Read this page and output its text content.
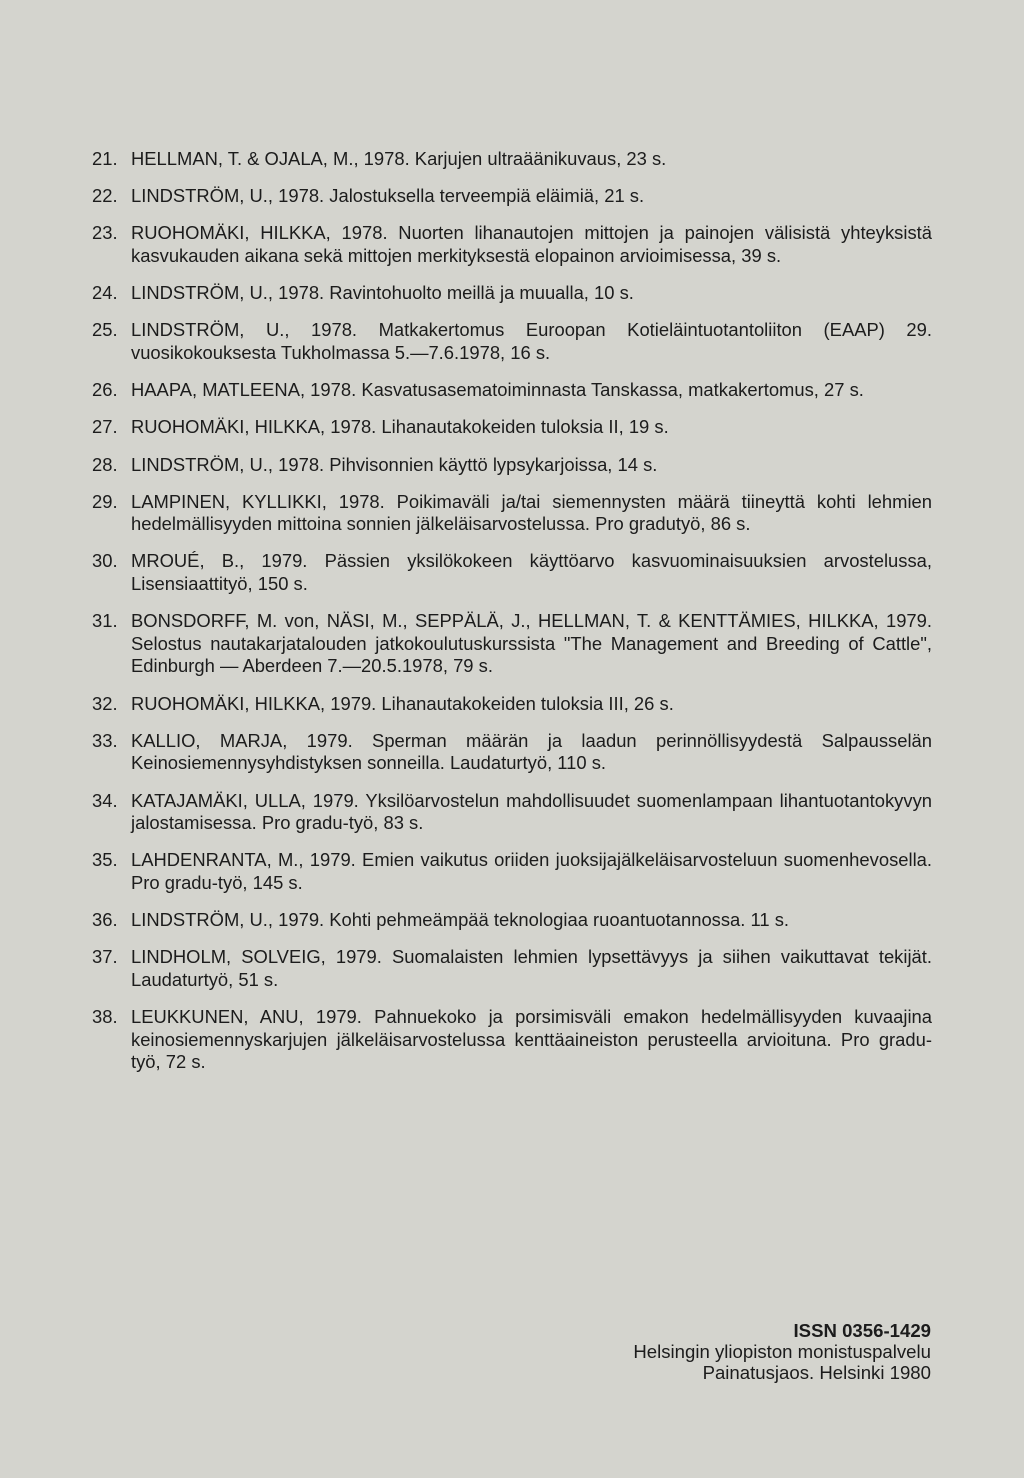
21. HELLMAN, T. & OJALA, M., 1978. Karjujen ultraäänikuvaus, 23 s.
22. LINDSTRÖM, U., 1978. Jalostuksella terveempiä eläimiä, 21 s.
23. RUOHOMÄKI, HILKKA, 1978. Nuorten lihanautojen mittojen ja painojen välisistä yhteyksistä kasvukauden aikana sekä mittojen merkityksestä elopainon arvioimisessa, 39 s.
24. LINDSTRÖM, U., 1978. Ravintohuolto meillä ja muualla, 10 s.
25. LINDSTRÖM, U., 1978. Matkakertomus Euroopan Kotieläintuotantoliiton (EAAP) 29. vuosikokouksesta Tukholmassa 5.—7.6.1978, 16 s.
26. HAAPA, MATLEENA, 1978. Kasvatusasematoiminnasta Tanskassa, matkakertomus, 27 s.
27. RUOHOMÄKI, HILKKA, 1978. Lihanautakokeiden tuloksia II, 19 s.
28. LINDSTRÖM, U., 1978. Pihvisonnien käyttö lypsykarjoissa, 14 s.
29. LAMPINEN, KYLLIKKI, 1978. Poikimaväli ja/tai siemennysten määrä tiineyttä kohti lehmien hedelmällisyyden mittoina sonnien jälkeläisarvostelussa. Pro gradutyö, 86 s.
30. MROUÉ, B., 1979. Pässien yksilökokeen käyttöarvo kasvuominaisuuksien arvostelussa, Lisensiaattityö, 150 s.
31. BONSDORFF, M. von, NÄSI, M., SEPPÄLÄ, J., HELLMAN, T. & KENTTÄMIES, HILKKA, 1979. Selostus nautakarjatalouden jatkokoulutuskurssista "The Management and Breeding of Cattle", Edinburgh — Aberdeen 7.—20.5.1978, 79 s.
32. RUOHOMÄKI, HILKKA, 1979. Lihanautakokeiden tuloksia III, 26 s.
33. KALLIO, MARJA, 1979. Sperman määrän ja laadun perinnöllisyydestä Salpausselän Keinosiemennysyhdistyksen sonneilla. Laudaturtyö, 110 s.
34. KATAJAMÄKI, ULLA, 1979. Yksilöarvostelun mahdollisuudet suomenlampaan lihantuotantokyvyn jalostamisessa. Pro gradu-työ, 83 s.
35. LAHDENRANTA, M., 1979. Emien vaikutus oriiden juoksijajälkeläisarvosteluun suomenhevosella. Pro gradu-työ, 145 s.
36. LINDSTRÖM, U., 1979. Kohti pehmeämpää teknologiaa ruoantuotannossa. 11 s.
37. LINDHOLM, SOLVEIG, 1979. Suomalaisten lehmien lypsettävyys ja siihen vaikuttavat tekijät. Laudaturtyö, 51 s.
38. LEUKKUNEN, ANU, 1979. Pahnuekoko ja porsimisväli emakon hedelmällisyyden kuvaajina keinosiemennyskarjujen jälkeläisarvostelussa kenttäaineiston perusteella arvioituna. Pro gradu-työ, 72 s.
ISSN 0356-1429
Helsingin yliopiston monistuspalvelu
Painatusjaos. Helsinki 1980
